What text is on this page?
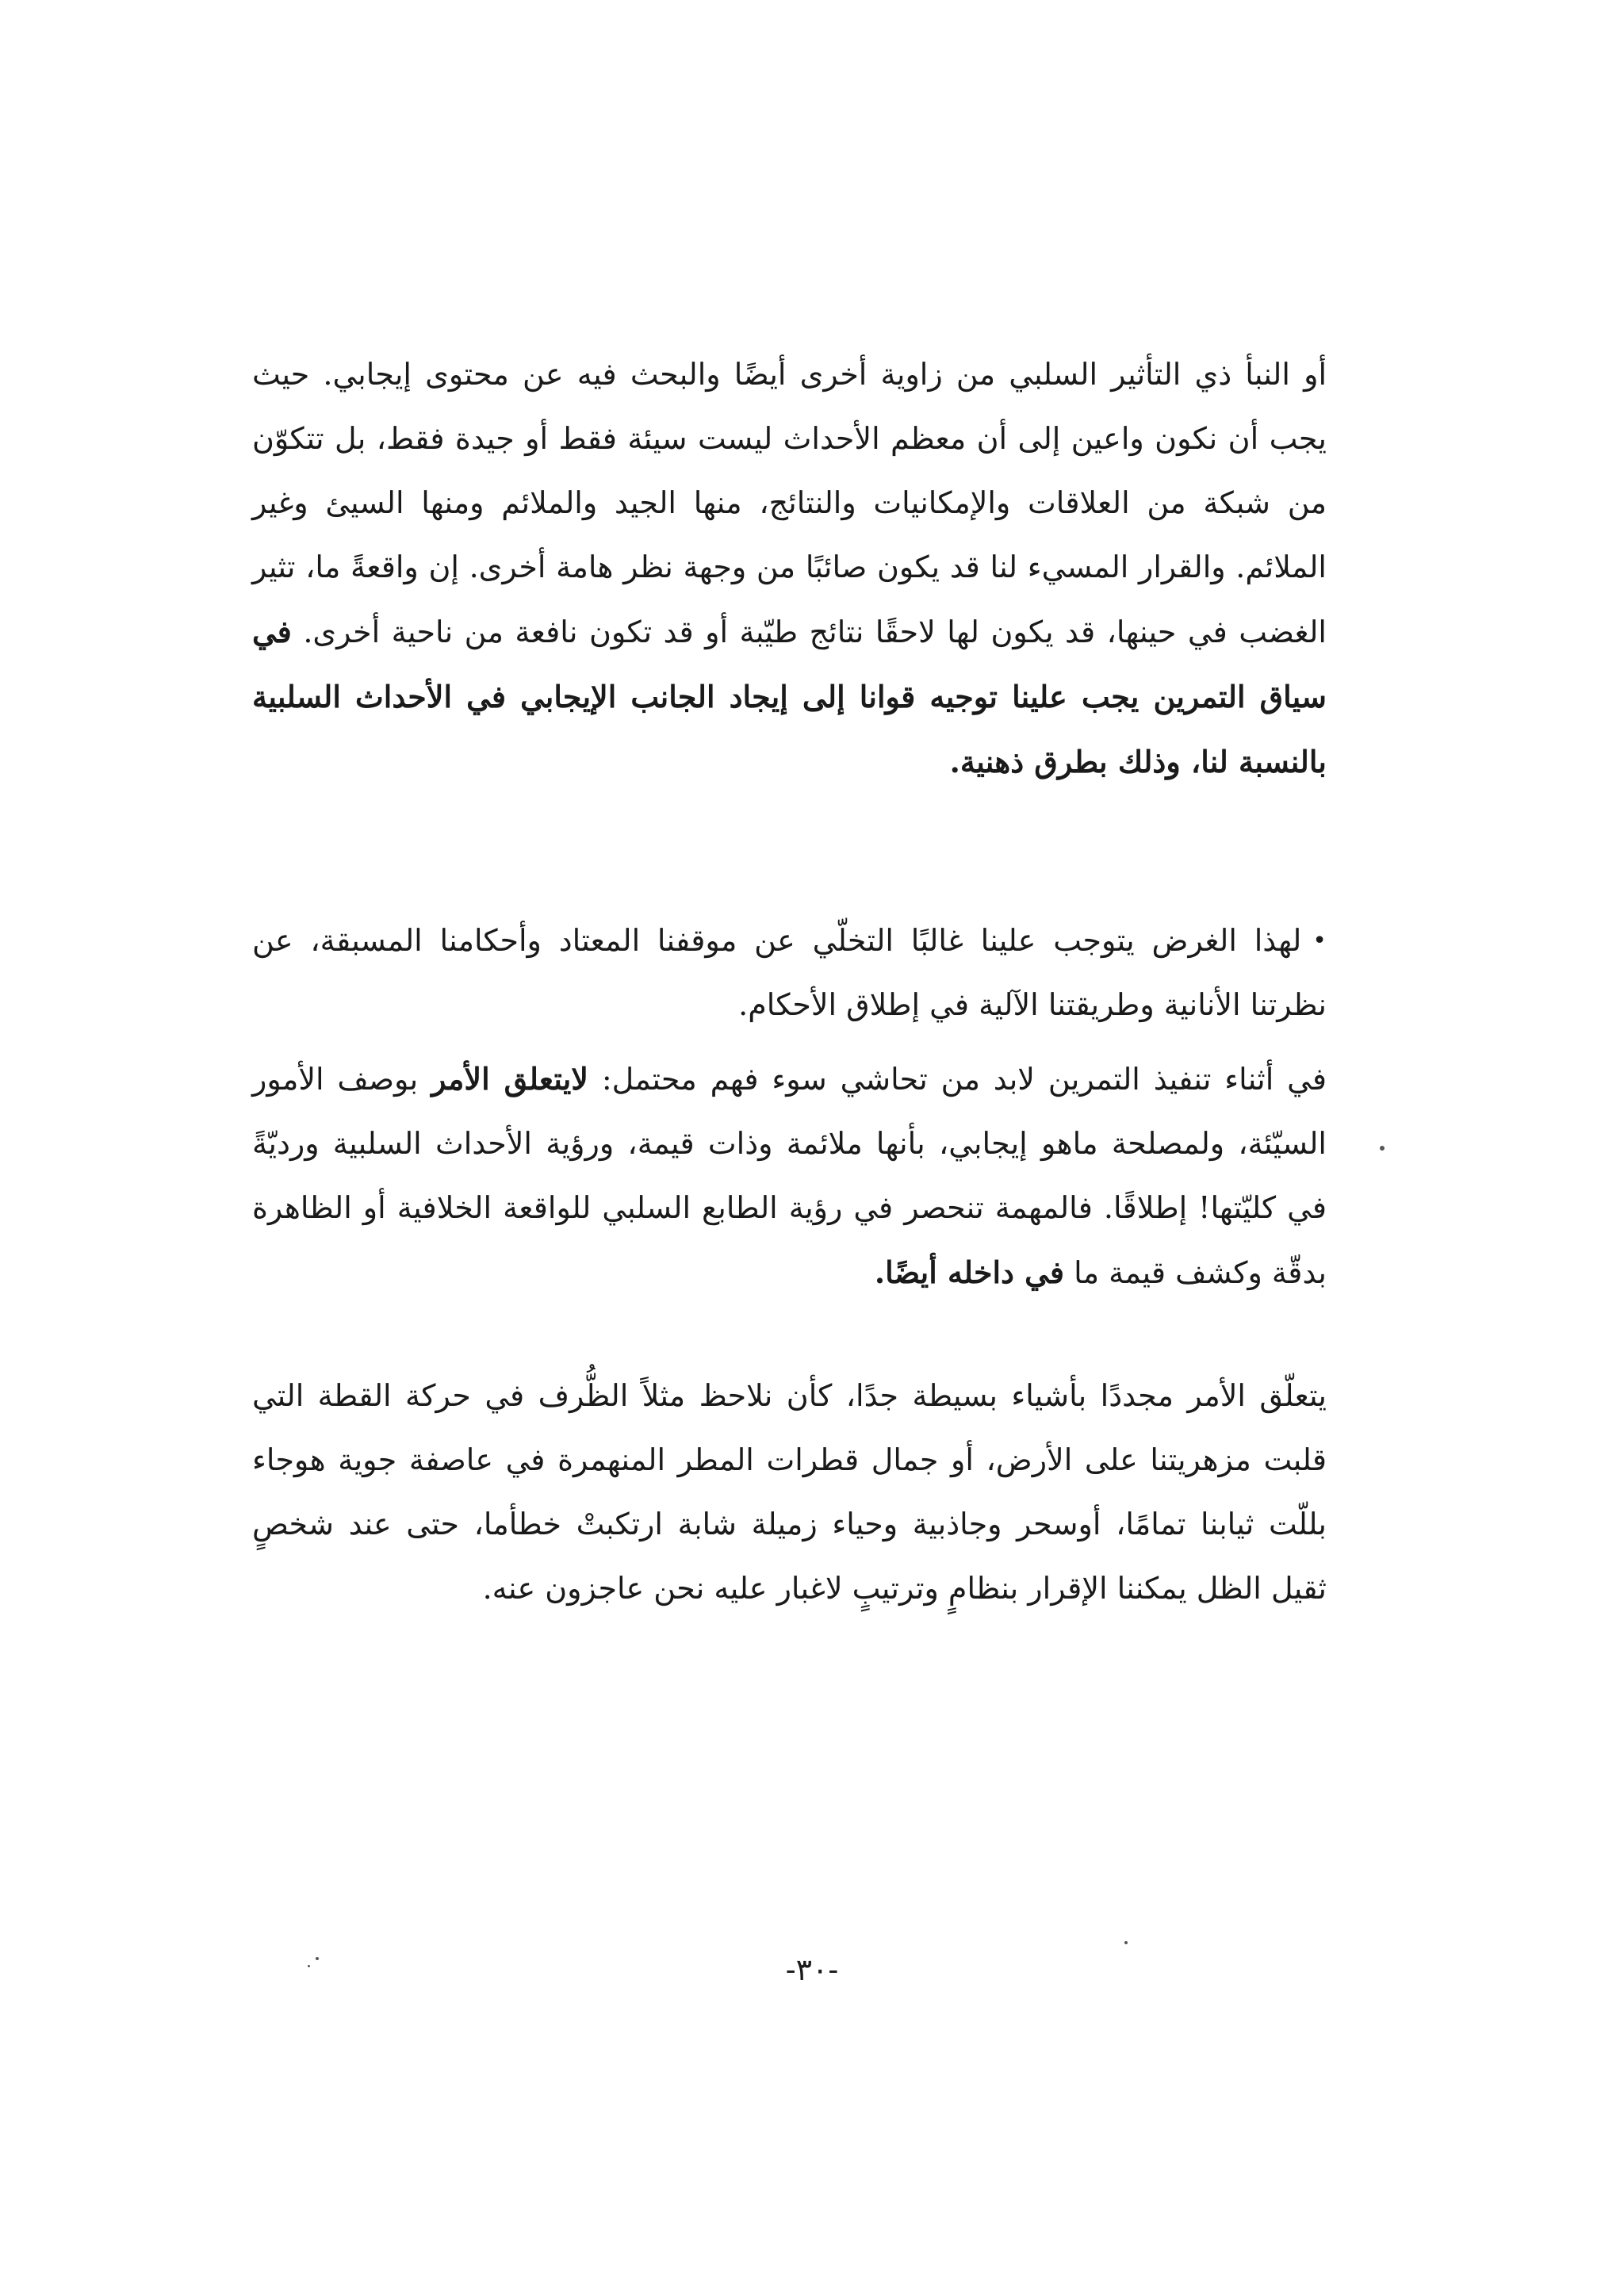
أو النبأ ذي التأثير السلبي من زاوية أخرى أيضًا والبحث فيه عن محتوى إيجابي. حيث يجب أن نكون واعين إلى أن معظم الأحداث ليست سيئة فقط أو جيدة فقط، بل تتكوّن من شبكة من العلاقات والإمكانيات والنتائج، منها الجيد والملائم ومنها السيئ وغير الملائم. والقرار المسيء لنا قد يكون صائبًا من وجهة نظر هامة أخرى. إن واقعةً ما، تثير الغضب في حينها، قد يكون لها لاحقًا نتائج طيّبة أو قد تكون نافعة من ناحية أخرى. في سياق التمرين يجب علينا توجيه قوانا إلى إيجاد الجانب الإيجابي في الأحداث السلبية بالنسبة لنا، وذلك بطرق ذهنية.

•لهذا الغرض يتوجب علينا غالبًا التخلّي عن موقفنا المعتاد وأحكامنا المسبقة، عن نظرتنا الأنانية وطريقتنا الآلية في إطلاق الأحكام.

في أثناء تنفيذ التمرين لابد من تحاشي سوء فهم محتمل: لايتعلق الأمر بوصف الأمور السيّئة، ولمصلحة ماهو إيجابي، بأنها ملائمة وذات قيمة، ورؤية الأحداث السلبية ورديّةً في كليّتها! إطلاقًا. فالمهمة تنحصر في رؤية الطابع السلبي للواقعة الخلافية أو الظاهرة بدقّة وكشف قيمة ما في داخله أيضًا.

يتعلّق الأمر مجددًا بأشياء بسيطة جدًا، كأن نلاحظ مثلاً الظُّرف في حركة القطة التي قلبت مزهريتنا على الأرض، أو جمال قطرات المطر المنهمرة في عاصفة جوية هوجاء بللّت ثيابنا تمامًا، أوسحر وجاذبية وحياء زميلة شابة ارتكبتْ خطأما، حتى عند شخصٍ ثقيل الظل يمكننا الإقرار بنظامٍ وترتيبٍ لاغبار عليه نحن عاجزون عنه.

-٣٠-
